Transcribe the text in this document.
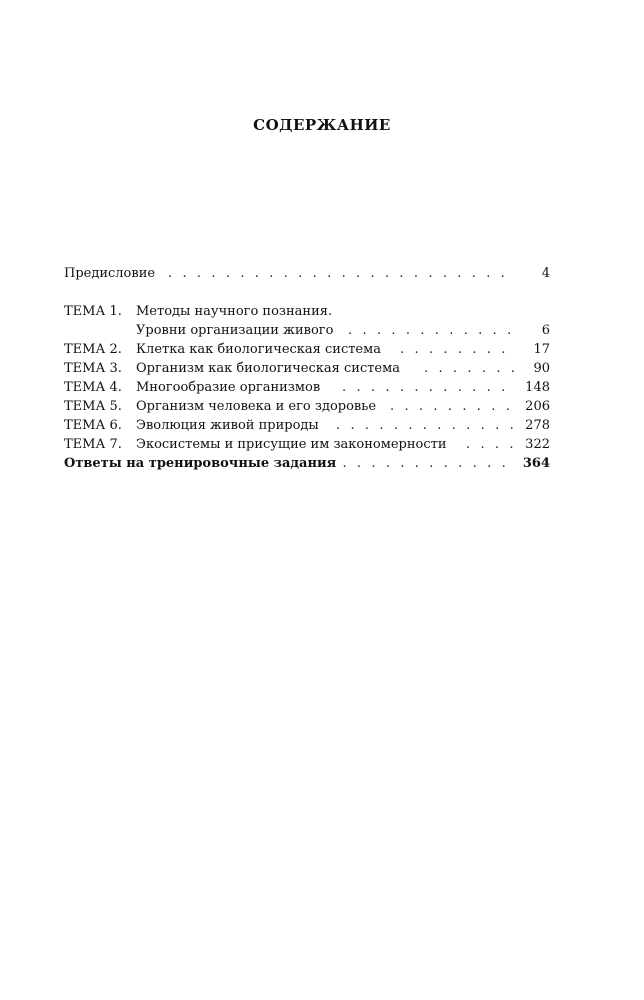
СОДЕРЖАНИЕ
Предисловие . . .	4
ТЕМА 1. Методы научного познания.
Уровни организации живого . . .	6
ТЕМА 2. Клетка как биологическая система . . .	17
ТЕМА 3. Организм как биологическая система . . .	90
ТЕМА 4. Многообразие организмов . . .	148
ТЕМА 5. Организм человека и его здоровье . . .	206
ТЕМА 6. Эволюция живой природы . . .	278
ТЕМА 7. Экосистемы и присущие им закономерности . . .	322
Ответы на тренировочные задания . . .	364
